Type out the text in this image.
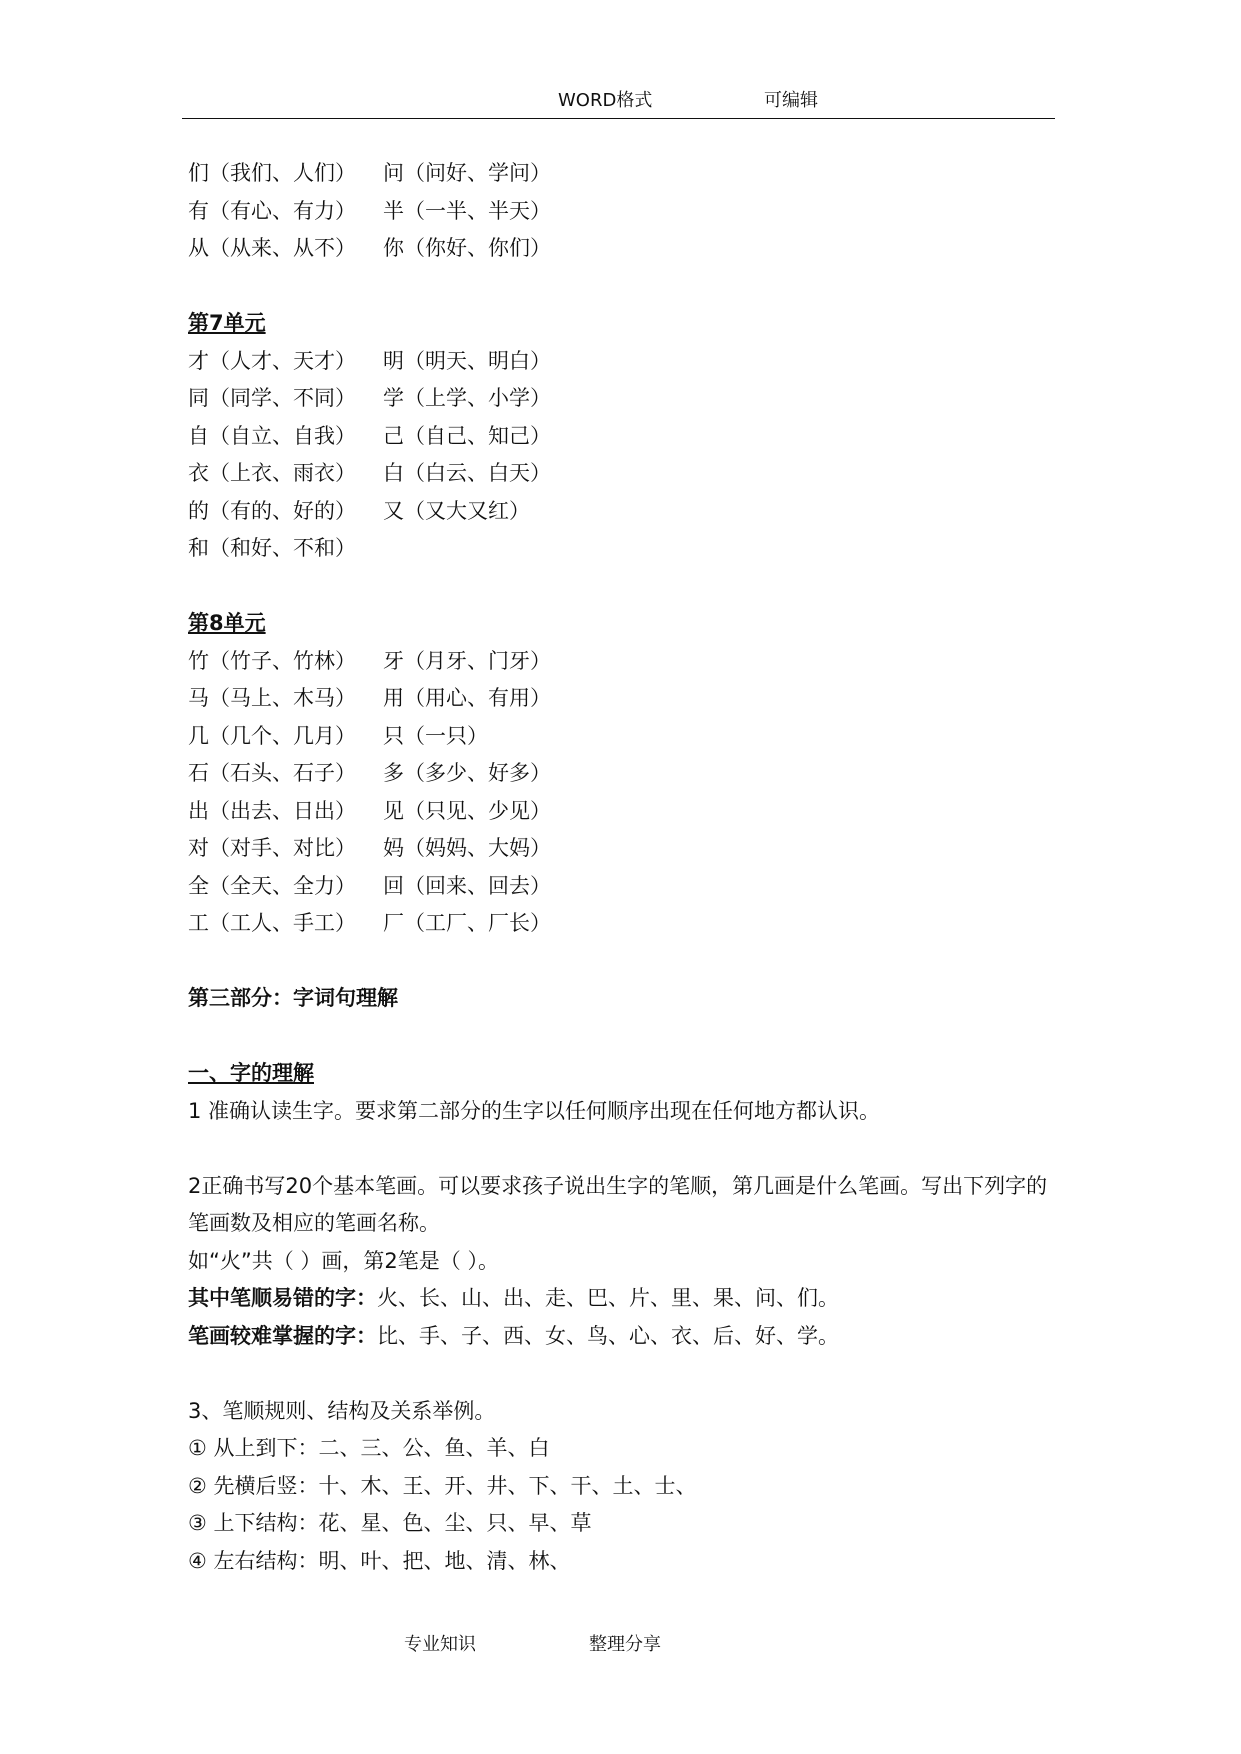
WORD格式	可编辑
们（我们、人们）	问（问好、学问）
有（有心、有力）	半（一半、半天）
从（从来、从不）	你（你好、你们）
第7单元
才（人才、天才）	明（明天、明白）
同（同学、不同）	学（上学、小学）
自（自立、自我）	己（自己、知己）
衣（上衣、雨衣）	白（白云、白天）
的（有的、好的）	又（又大又红）
和（和好、不和）
第8单元
竹（竹子、竹林）	牙（月牙、门牙）
马（马上、木马）	用（用心、有用）
几（几个、几月）	只（一只）
石（石头、石子）	多（多少、好多）
出（出去、日出）	见（只见、少见）
对（对手、对比）	妈（妈妈、大妈）
全（全天、全力）	回（回来、回去）
工（工人、手工）	厂（工厂、厂长）
第三部分：字词句理解
一、字的理解
1 准确认读生字。要求第二部分的生字以任何顺序出现在任何地方都认识。
2正确书写20个基本笔画。可以要求孩子说出生字的笔顺，第几画是什么笔画。写出下列字的笔画数及相应的笔画名称。
如“火”共（ ）画，第2笔是（ ）。
其中笔顺易错的字：火、长、山、出、走、巴、片、里、果、问、们。
笔画较难掌握的字：比、手、子、西、女、鸟、心、衣、后、好、学。
3、笔顺规则、结构及关系举例。
① 从上到下：二、三、公、鱼、羊、白
② 先横后竖：十、木、王、开、井、下、干、土、士、
③ 上下结构：花、星、色、尘、只、早、草
④ 左右结构：明、叶、把、地、清、林、
专业知识	整理分享
